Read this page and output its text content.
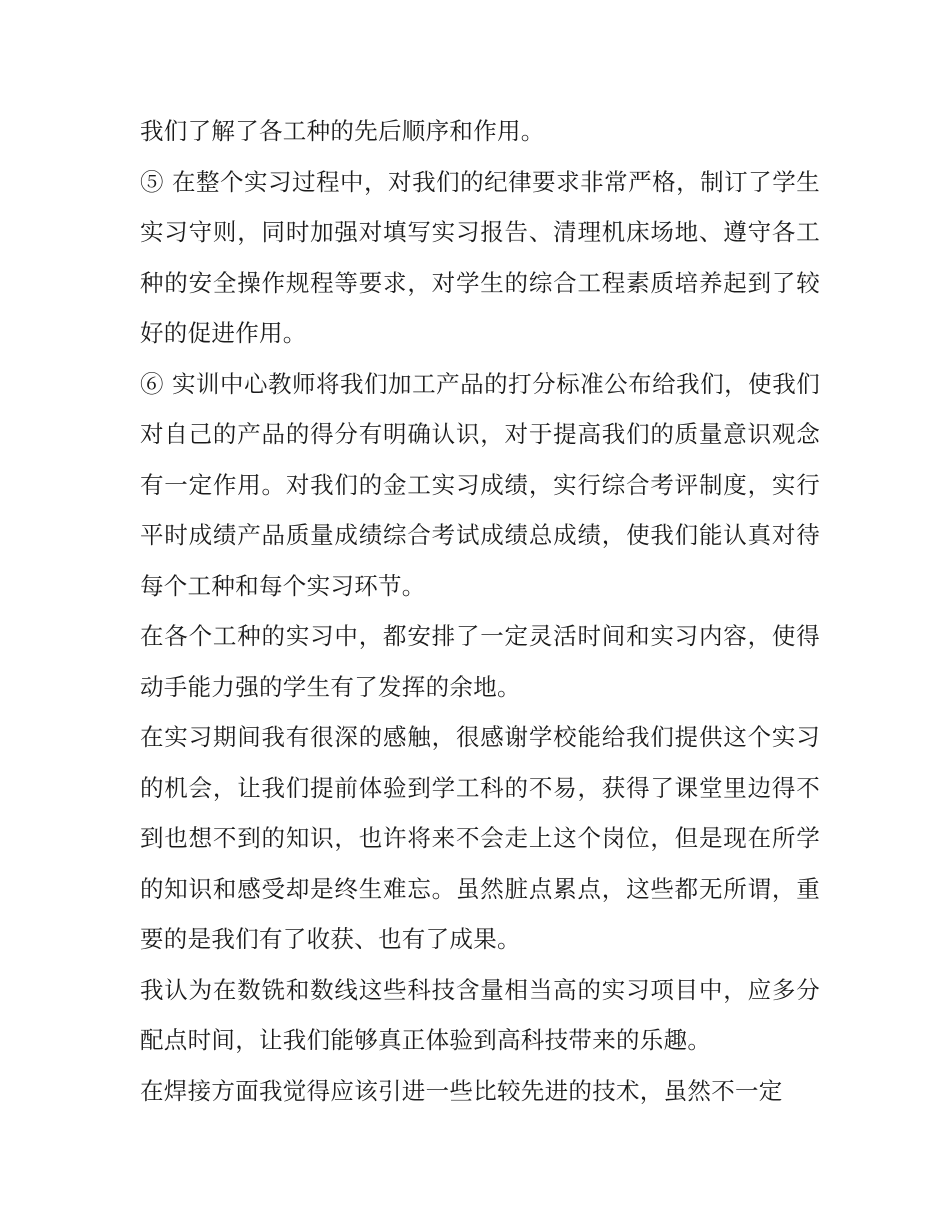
我们了解了各工种的先后顺序和作用。

⑤ 在整个实习过程中，对我们的纪律要求非常严格，制订了学生实习守则，同时加强对填写实习报告、清理机床场地、遵守各工种的安全操作规程等要求，对学生的综合工程素质培养起到了较好的促进作用。

⑥ 实训中心教师将我们加工产品的打分标准公布给我们，使我们对自己的产品的得分有明确认识，对于提高我们的质量意识观念有一定作用。对我们的金工实习成绩，实行综合考评制度，实行平时成绩产品质量成绩综合考试成绩总成绩，使我们能认真对待每个工种和每个实习环节。

在各个工种的实习中，都安排了一定灵活时间和实习内容，使得动手能力强的学生有了发挥的余地。

在实习期间我有很深的感触，很感谢学校能给我们提供这个实习的机会，让我们提前体验到学工科的不易，获得了课堂里边得不到也想不到的知识，也许将来不会走上这个岗位，但是现在所学的知识和感受却是终生难忘。虽然脏点累点，这些都无所谓，重要的是我们有了收获、也有了成果。

我认为在数铣和数线这些科技含量相当高的实习项目中，应多分配点时间，让我们能够真正体验到高科技带来的乐趣。

在焊接方面我觉得应该引进一些比较先进的技术，虽然不一定
